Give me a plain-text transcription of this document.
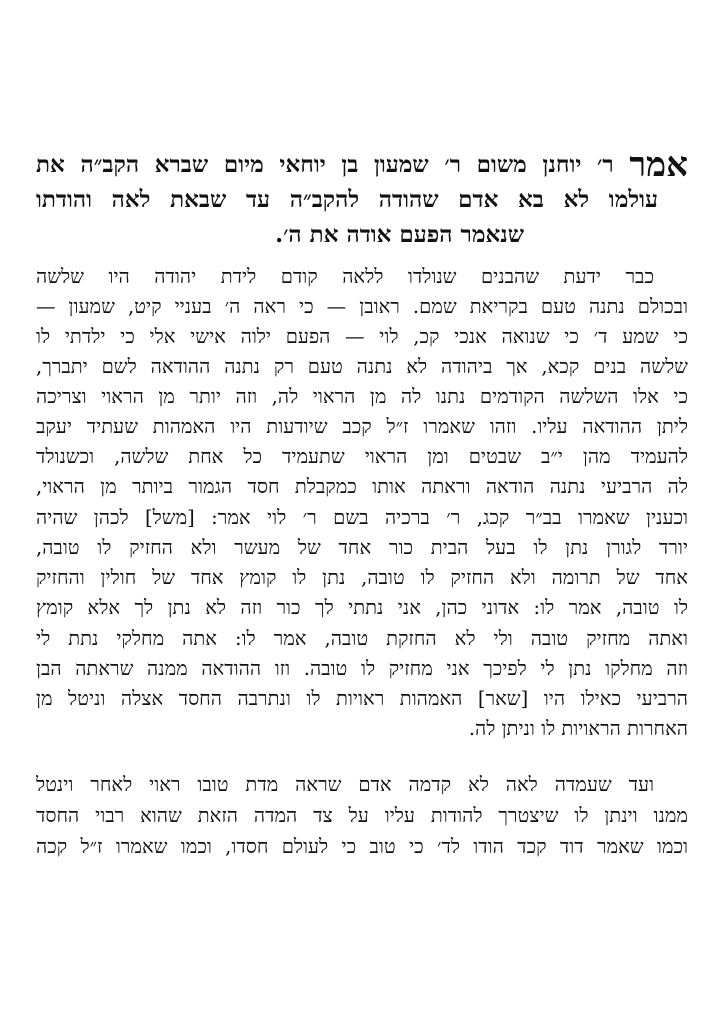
אמר ר׳ יוחנן משום ר׳ שמעון בן יוחאי מיום שברא הקב״ה את
עולמו לא בא אדם שהודה להקב״ה עד שבאת לאה והודתו
שנאמר הפעם אודה את ה׳.
כבר ידעת שהבנים שנולדו ללאה קודם לידת יהודה היו שלשה
ובכולם נתנה טעם בקריאת שמם. ראובן — כי ראה ה׳ בעניי קיט, שמעון —
כי שמע ד׳ כי שנואה אנכי קכ, לוי — הפעם ילוה אישי אלי כי ילדתי לו
שלשה בנים קכא, אך ביהודה לא נתנה טעם רק נתנה ההודאה לשם יתברך,
כי אלו השלשה הקודמים נתנו לה מן הראוי לה, וזה יותר מן הראוי וצריכה
ליתן ההודאה עליו. וזהו שאמרו ז״ל קכב שיודעות היו האמהות שעתיד יעקב
להעמיד מהן י״ב שבטים ומן הראוי שתעמיד כל אחת שלשה, וכשנולד
לה הרביעי נתנה הודאה וראתה אותו כמקבלת חסד הגמור ביותר מן הראוי,
וכענין שאמרו בב״ר קכג, ר׳ ברכיה בשם ר׳ לוי אמר: [משל] לכהן שהיה
יורד לגורן נתן לו בעל הבית כור אחד של מעשר ולא החזיק לו טובה,
אחד של תרומה ולא החזיק לו טובה, נתן לו קומץ אחד של חולין והחזיק
לו טובה, אמר לו: אדוני כהן, אני נתתי לך כור וזה לא נתן לך אלא קומץ
ואתה מחזיק טובה ולי לא החזקת טובה, אמר לו: אתה מחלקי נתת לי
וזה מחלקו נתן לי לפיכך אני מחזיק לו טובה. וזו ההודאה ממנה שראתה הבן
הרביעי כאילו היו [שאר] האמהות ראויות לו ונתרבה החסד אצלה וניטל מן
האחרות הראויות לו וניתן לה.
ועד שעמדה לאה לא קדמה אדם שראה מדת טובו ראוי לאחר וינטל
ממנו וינתן לו שיצטרך להודות עליו על צד המדה הזאת שהוא רבוי החסד
וכמו שאמר דוד קכד הודו לד׳ כי טוב כי לעולם חסדו, וכמו שאמרו ז״ל קכה
